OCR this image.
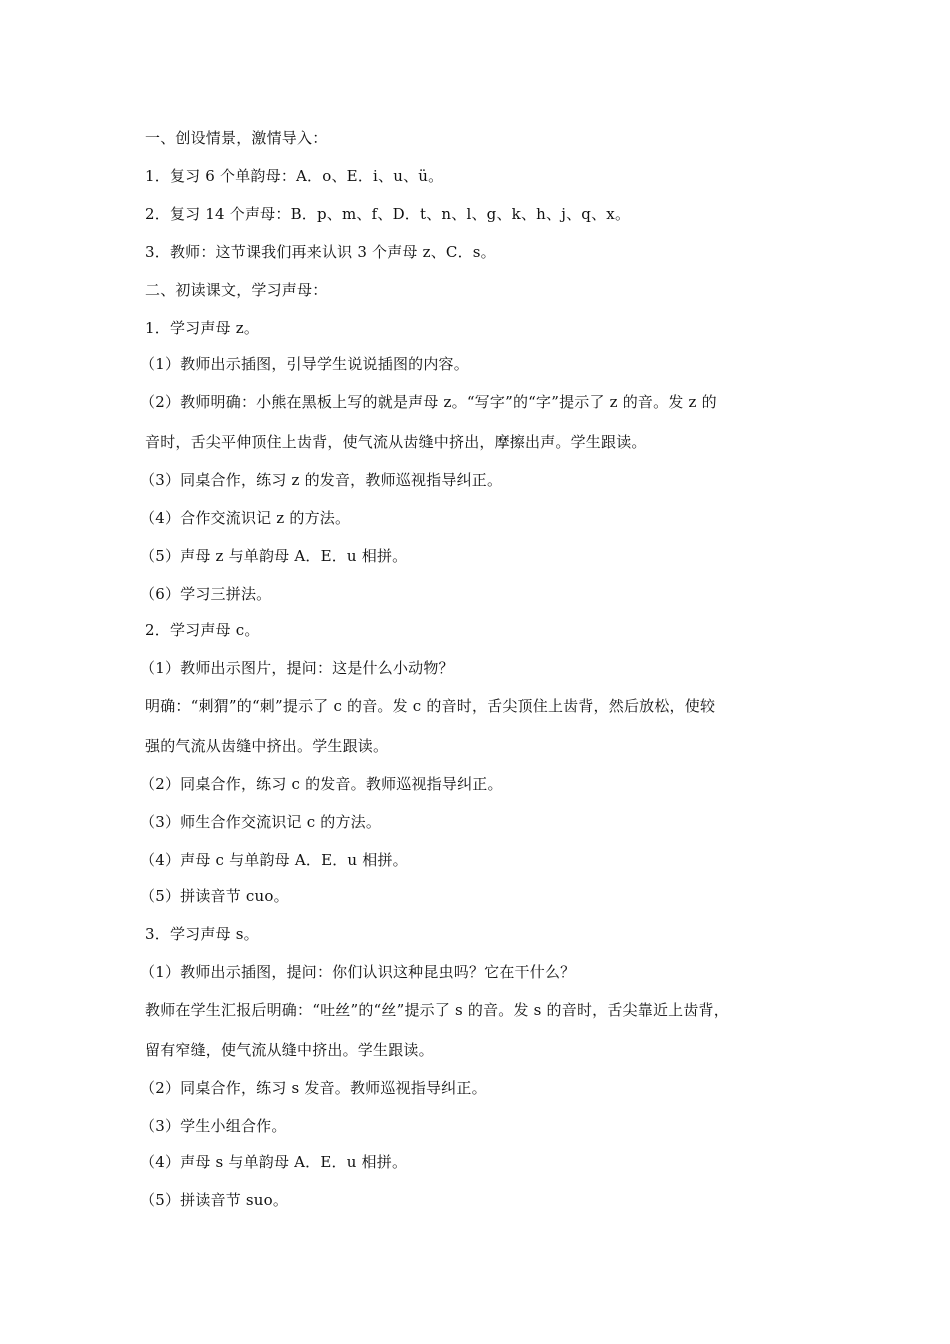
一、创设情景，激情导入：
1．复习 6 个单韵母：A．o、E．i、u、ü。
2．复习 14 个声母：B．p、m、f、D．t、n、l、g、k、h、j、q、x。
3．教师：这节课我们再来认识 3 个声母 z、C．s。
二、初读课文，学习声母：
1．学习声母 z。
（1）教师出示插图，引导学生说说插图的内容。
（2）教师明确：小熊在黑板上写的就是声母 z。“写字”的“字”提示了 z 的音。发 z 的
音时，舌尖平伸顶住上齿背，使气流从齿缝中挤出，摩擦出声。学生跟读。
（3）同桌合作，练习 z 的发音，教师巡视指导纠正。
（4）合作交流识记 z 的方法。
（5）声母 z 与单韵母 A．E．u 相拼。
（6）学习三拼法。
2．学习声母 c。
（1）教师出示图片，提问：这是什么小动物？
明确：“刺猬”的“刺”提示了 c 的音。发 c 的音时，舌尖顶住上齿背，然后放松，使较
强的气流从齿缝中挤出。学生跟读。
（2）同桌合作，练习 c 的发音。教师巡视指导纠正。
（3）师生合作交流识记 c 的方法。
（4）声母 c 与单韵母 A．E．u 相拼。
（5）拼读音节 cuo。
3．学习声母 s。
（1）教师出示插图，提问：你们认识这种昆虫吗？它在干什么？
教师在学生汇报后明确：“吐丝”的“丝”提示了 s 的音。发 s 的音时，舌尖靠近上齿背，
留有窄缝，使气流从缝中挤出。学生跟读。
（2）同桌合作，练习 s 发音。教师巡视指导纠正。
（3）学生小组合作。
（4）声母 s 与单韵母 A．E．u 相拼。
（5）拼读音节 suo。
